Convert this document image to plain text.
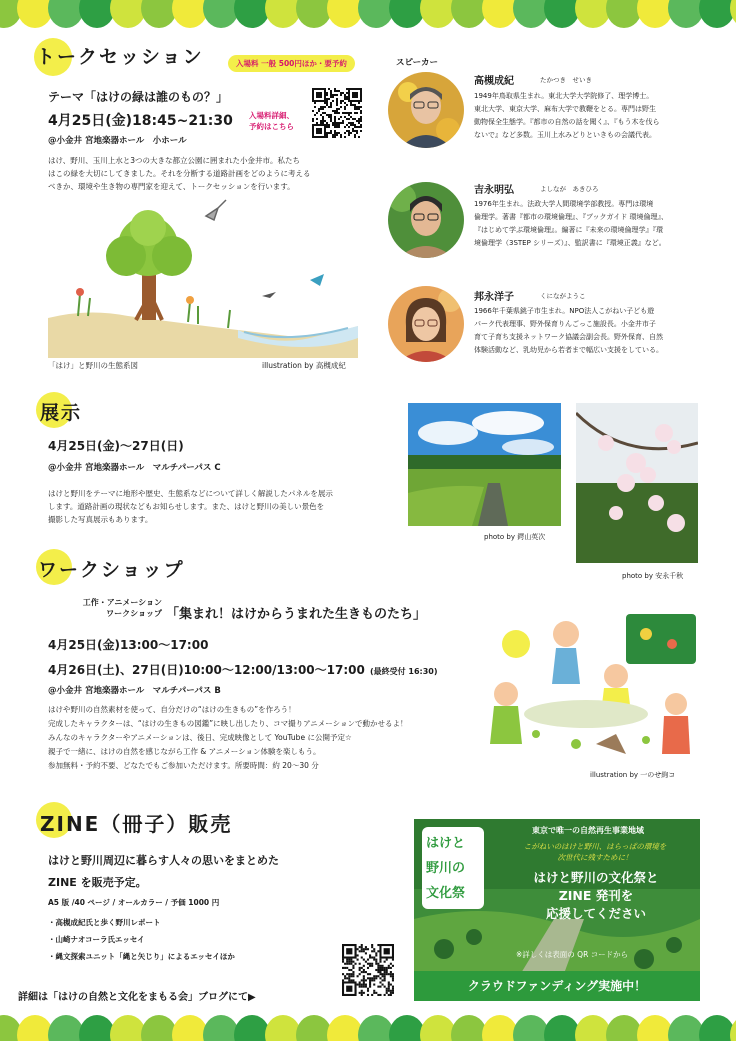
トークセッション	入場料 一般 500円ほか・要予約
テーマ「はけの緑は誰のもの？」
4月25日(金)18:45~21:30
@小金井 宮地楽器ホール　小ホール
入場料詳細、
予約はこちら
はけ、野川、玉川上水と3つの大きな都立公園に囲まれた小金井市。私たち
はこの緑を大切にしてきました。それを分断する道路計画をどのように考える
べきか、環境や生き物の専門家を迎えて、トークセッションを行います。
「はけ」と野川の生態系図	illustration by 高槻成紀
スピーカー
高槻成紀	たかつき　せいき
1949年鳥取県生まれ。東北大学大学院修了、理学博士。
東北大学、東京大学、麻布大学で教鞭をとる。専門は野生
動物保全生態学。『都市の自然の話を聞く』、『もう木を伐ら
ないで』など多数。玉川上水みどりといきもの会議代表。
吉永明弘	よしなが　あきひろ
1976年生まれ。法政大学人間環境学部教授。専門は環境
倫理学。著書『都市の環境倫理』、『ブックガイド 環境倫理』、
『はじめて学ぶ環境倫理』。編著に『未来の環境倫理学』『環
境倫理学（3STEP シリーズ）』、監訳書に『環境正義』など。
邦永洋子	くにながようこ
1966年千葉県銚子市生まれ。NPO法人こがねい子ども遊
パーク代表理事、野外保育りんごっこ施設長。小金井市子
育て子育ち支援ネットワーク協議会副会長。野外保育、自然
体験活動など、乳幼児から若者まで幅広い支援をしている。
展示
4月25日(金)～27日(日)
@小金井 宮地楽器ホール　マルチパーパス C
はけと野川をテーマに地形や歴史、生態系などについて詳しく解説したパネルを展示
します。道路計画の現状などもお知らせします。また、はけと野川の美しい景色を
撮影した写真展示もあります。
photo by 鍔山英次
photo by 安永千秋
ワークショップ
工作・アニメーション
ワークショップ 「集まれ！はけからうまれた生きものたち」
4月25日(金)13:00～17:00
4月26日(土)、27日(日)10:00～12:00/13:00～17:00 (最終受付 16:30)
@小金井 宮地楽器ホール　マルチパーパス B
はけや野川の自然素材を使って、自分だけの“はけの生きもの”を作ろう！
完成したキャラクターは、“はけの生きもの図鑑”に映し出したり、コマ撮りアニメーションで動かせるよ！
みんなのキャラクターやアニメーションは、後日、完成映像として YouTube に公開予定☆
親子で一緒に、はけの自然を感じながら工作 & アニメーション体験を楽しもう。
参加無料・予約不要、どなたでもご参加いただけます。所要時間：約 20～30 分
illustration by 一のせ絢コ
ZINE（冊子）販売
はけと野川周辺に暮らす人々の思いをまとめた
ZINE を販売予定。
A5 版 /40 ページ / オールカラー / 予価 1000 円
・高槻成紀氏と歩く野川レポート
・山崎ナオコーラ氏エッセイ
・縄文探索ユニット「縄と矢じり」によるエッセイほか
詳細は「はけの自然と文化をまもる会」ブログにて▶
はけと
野川の
文化祭
東京で唯一の自然再生事業地域
こがねいのはけと野川、はらっぱの環境を
次世代に残すために！
はけと野川の文化祭と
ZINE 発刊を
応援してください
※詳しくは表面の QR コードから
クラウドファンディング実施中！
